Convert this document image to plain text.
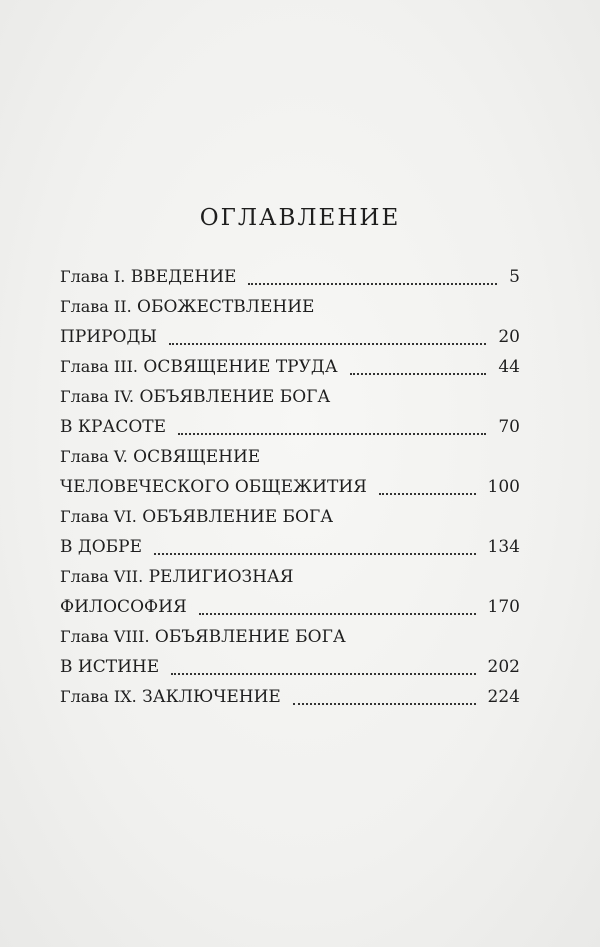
ОГЛАВЛЕНИЕ
Глава I. ВВЕДЕНИЕ	5
Глава II. ОБОЖЕСТВЛЕНИЕ
ПРИРОДЫ	20
Глава III. ОСВЯЩЕНИЕ ТРУДА	44
Глава IV. ОБЪЯВЛЕНИЕ БОГА
В КРАСОТЕ	70
Глава V. ОСВЯЩЕНИЕ
ЧЕЛОВЕЧЕСКОГО ОБЩЕЖИТИЯ	100
Глава VI. ОБЪЯВЛЕНИЕ БОГА
В ДОБРЕ	134
Глава VII. РЕЛИГИОЗНАЯ
ФИЛОСОФИЯ	170
Глава VIII. ОБЪЯВЛЕНИЕ БОГА
В ИСТИНЕ	202
Глава IX. ЗАКЛЮЧЕНИЕ	224
